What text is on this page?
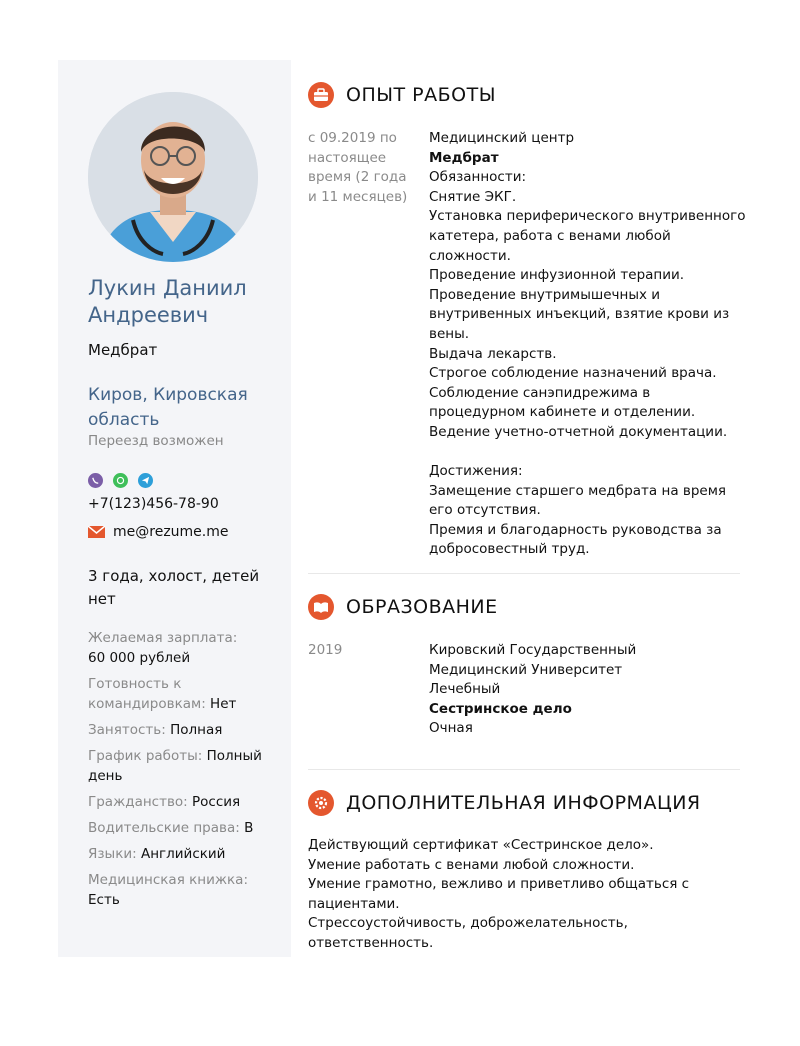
Лукин Даниил Андреевич
Медбрат
Киров, Кировская область
Переезд возможен
+7(123)456-78-90
me@rezume.me
3 года, холост, детей нет
Желаемая зарплата:
60 000 рублей
Готовность к командировкам: Нет
Занятость: Полная
График работы: Полный день
Гражданство: Россия
Водительские права: В
Языки: Английский
Медицинская книжка:
Есть
ОПЫТ РАБОТЫ
с 09.2019 по настоящее время (2 года и 11 месяцев)
Медицинский центр
Медбрат
Обязанности:
Снятие ЭКГ.
Установка периферического внутривенного катетера, работа с венами любой сложности.
Проведение инфузионной терапии.
Проведение внутримышечных и внутривенных инъекций, взятие крови из вены.
Выдача лекарств.
Строгое соблюдение назначений врача.
Соблюдение санэпидрежима в процедурном кабинете и отделении.
Ведение учетно-отчетной документации.
Достижения:
Замещение старшего медбрата на время его отсутствия.
Премия и благодарность руководства за добросовестный труд.
ОБРАЗОВАНИЕ
2019	Кировский Государственный Медицинский Университет
Лечебный
Сестринское дело
Очная
ДОПОЛНИТЕЛЬНАЯ ИНФОРМАЦИЯ
Действующий сертификат «Сестринское дело».
Умение работать с венами любой сложности.
Умение грамотно, вежливо и приветливо общаться с пациентами.
Стрессоустойчивость, доброжелательность, ответственность.
